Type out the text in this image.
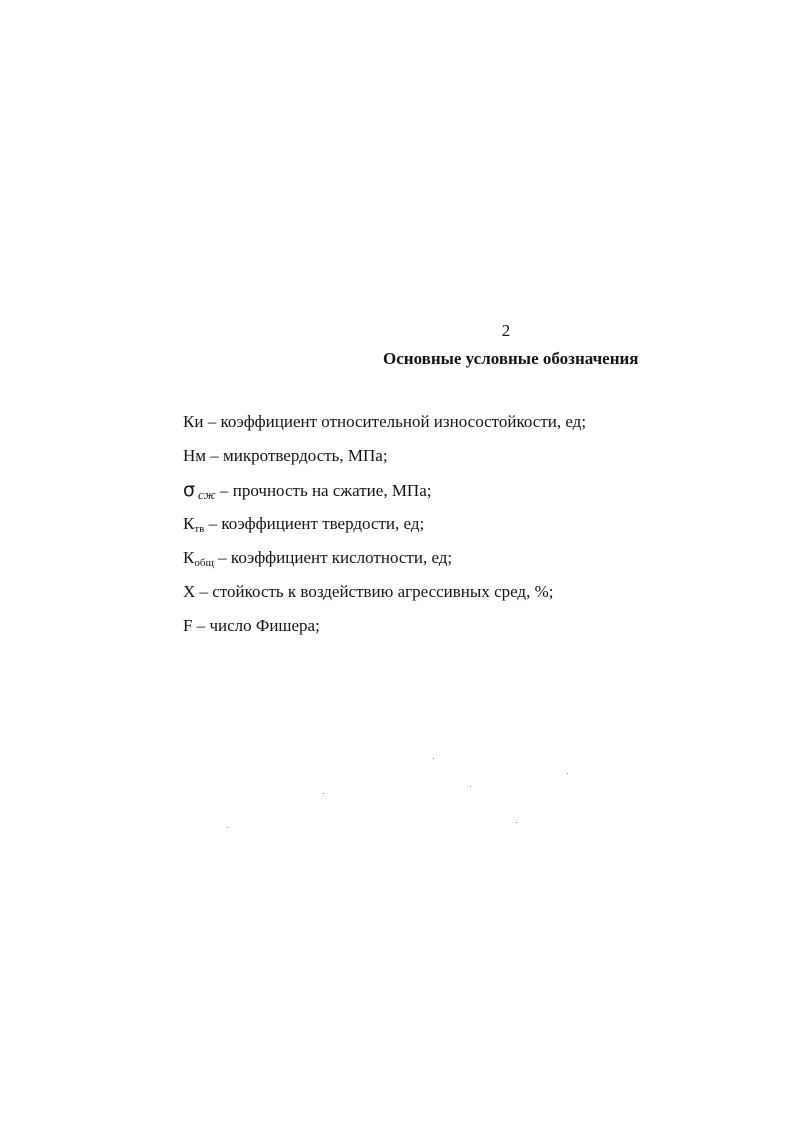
2
Основные условные обозначения
Ки – коэффициент относительной износостойкости, ед;
Нм – микротвердость, МПа;
σ сж – прочность на сжатие, МПа;
Ктв – коэффициент твердости, ед;
Кобщ – коэффициент кислотности, ед;
X – стойкость к воздействию агрессивных сред, %;
F – число Фишера;
